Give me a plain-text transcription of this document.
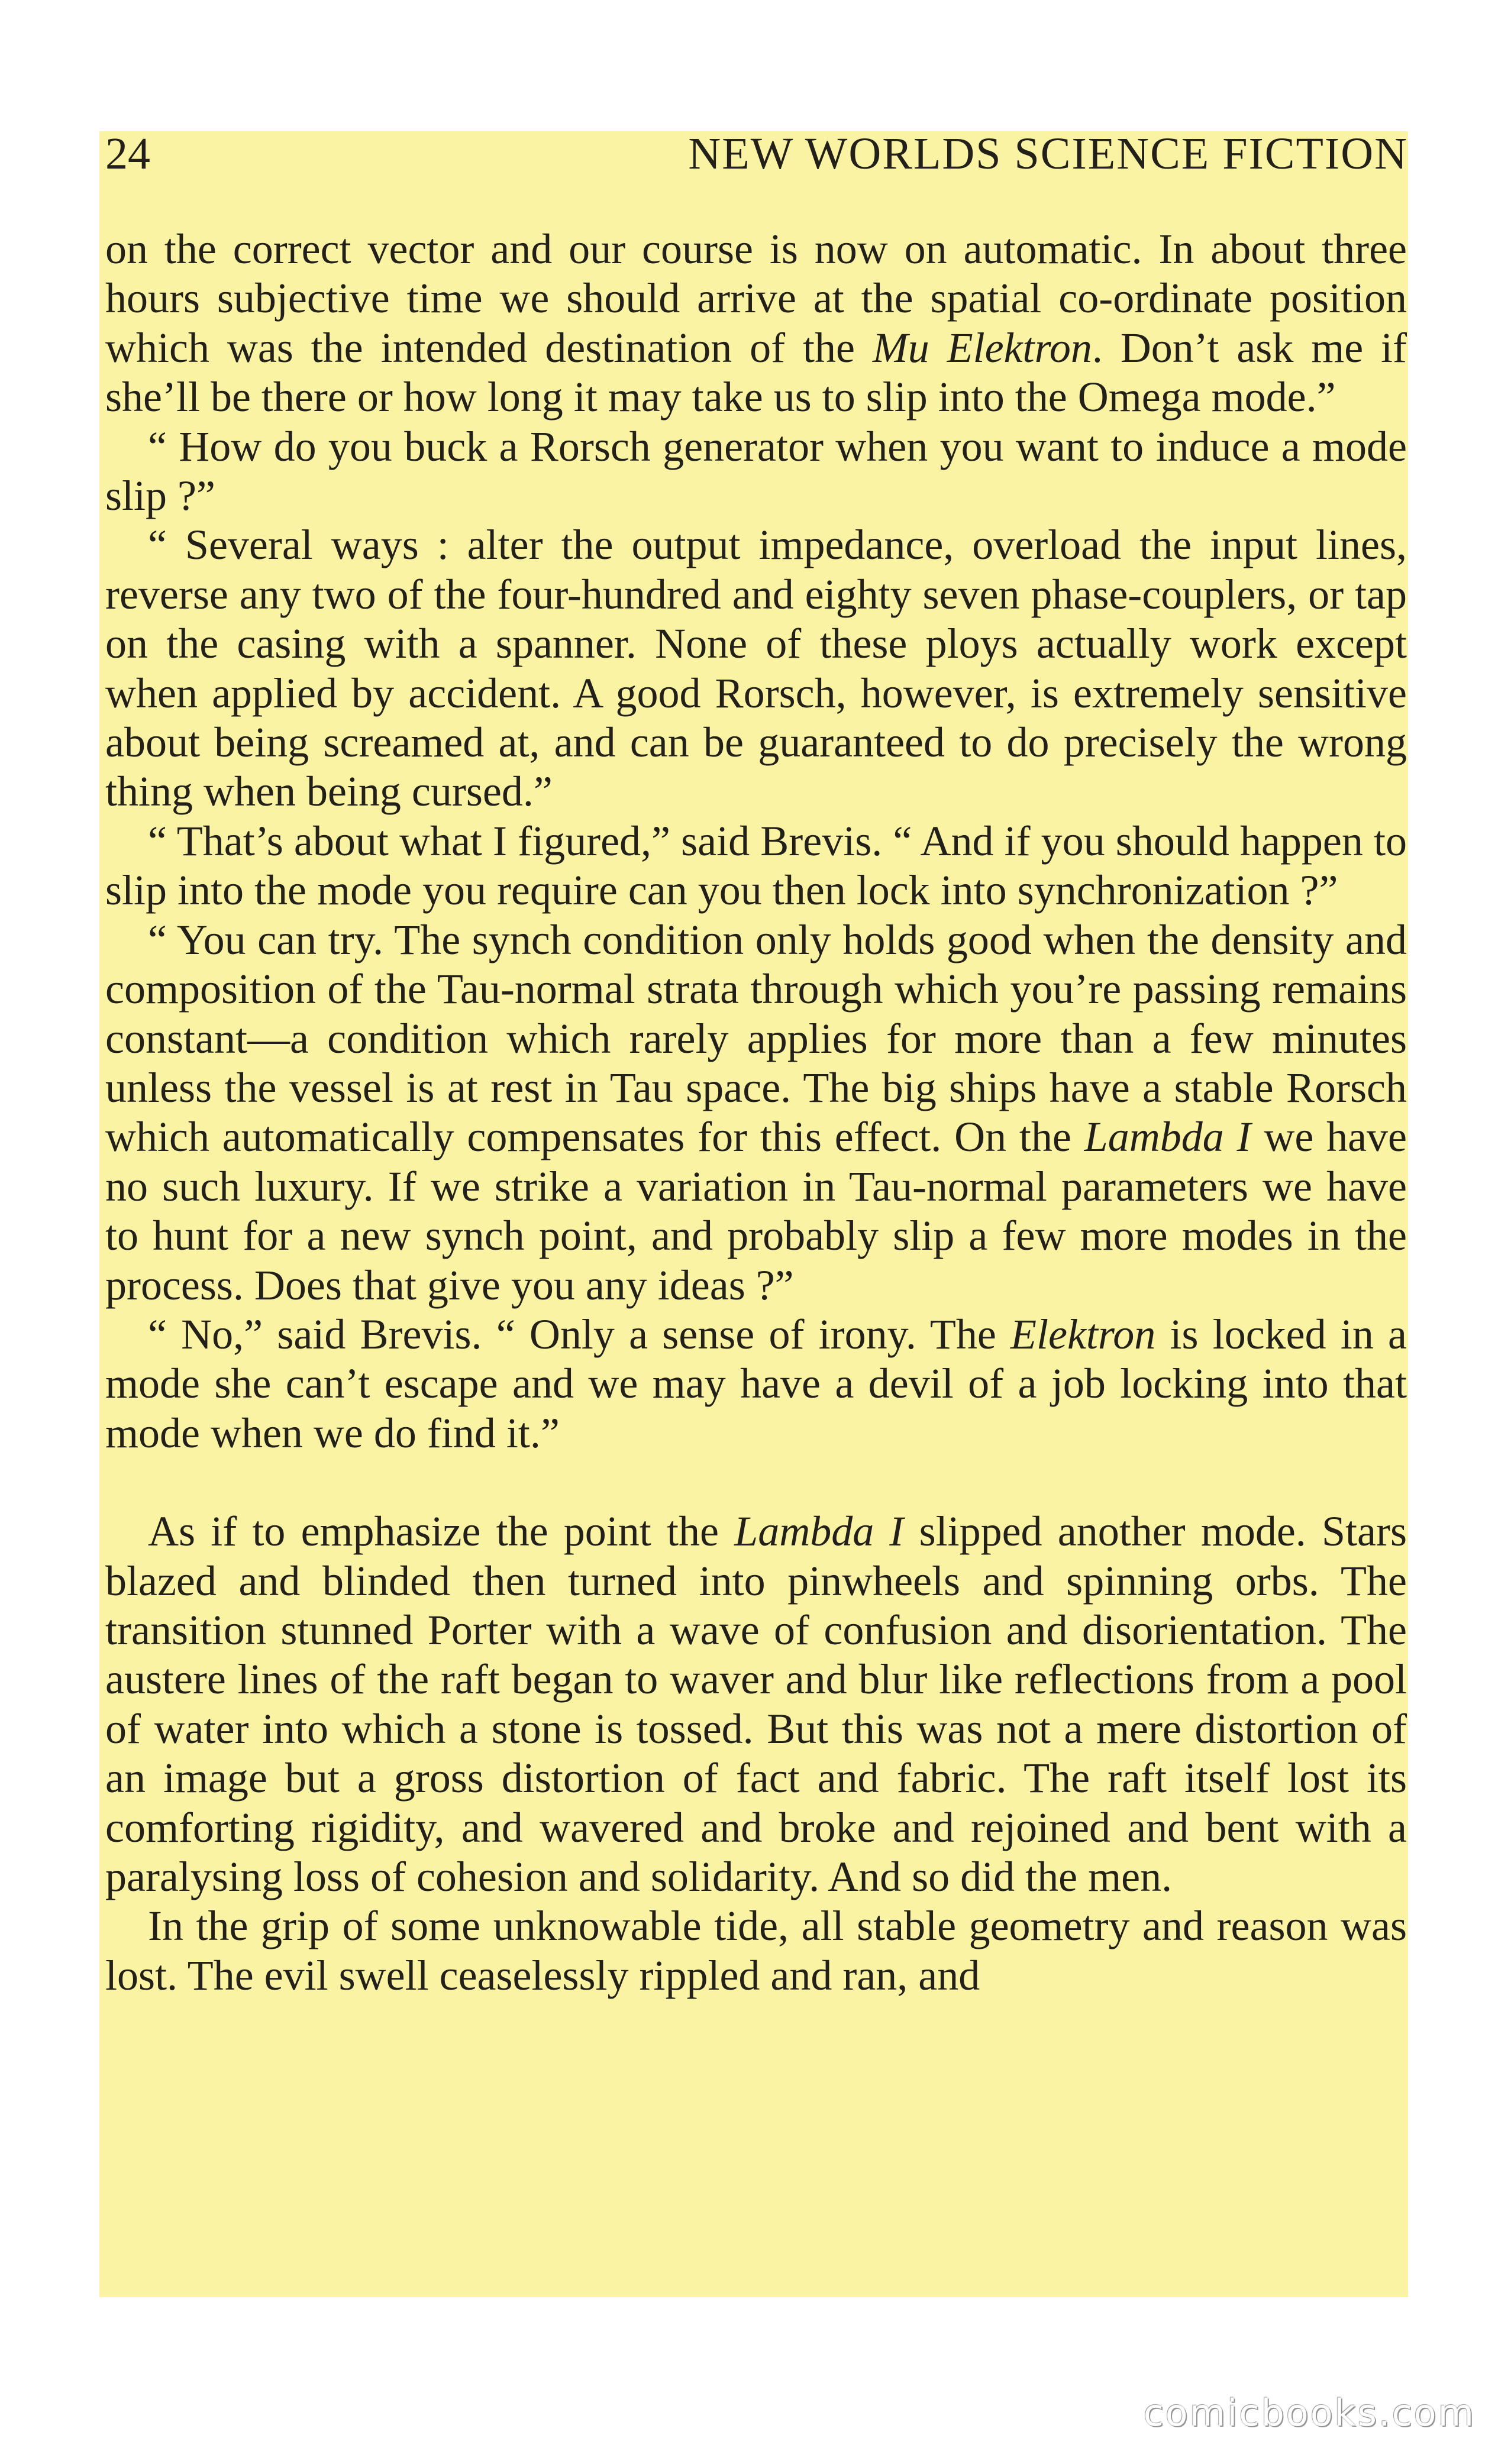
24	NEW WORLDS SCIENCE FICTION

on the correct vector and our course is now on automatic. In about three hours subjective time we should arrive at the spatial co-ordinate position which was the intended destination of the Mu Elektron. Don’t ask me if she’ll be there or how long it may take us to slip into the Omega mode.”

“ How do you buck a Rorsch generator when you want to induce a mode slip ?”

“ Several ways : alter the output impedance, overload the input lines, reverse any two of the four-hundred and eighty seven phase-couplers, or tap on the casing with a spanner. None of these ploys actually work except when applied by accident. A good Rorsch, however, is extremely sensitive about being screamed at, and can be guaranteed to do precisely the wrong thing when being cursed.”

“ That’s about what I figured,” said Brevis. “ And if you should happen to slip into the mode you require can you then lock into synchronization ?”

“ You can try. The synch condition only holds good when the density and composition of the Tau-normal strata through which you’re passing remains constant—a condition which rarely applies for more than a few minutes unless the vessel is at rest in Tau space. The big ships have a stable Rorsch which automatically compensates for this effect. On the Lambda I we have no such luxury. If we strike a variation in Tau-normal parameters we have to hunt for a new synch point, and probably slip a few more modes in the process. Does that give you any ideas ?”

“ No,” said Brevis. “ Only a sense of irony. The Elektron is locked in a mode she can’t escape and we may have a devil of a job locking into that mode when we do find it.”

As if to emphasize the point the Lambda I slipped another mode. Stars blazed and blinded then turned into pinwheels and spinning orbs. The transition stunned Porter with a wave of confusion and disorientation. The austere lines of the raft began to waver and blur like reflections from a pool of water into which a stone is tossed. But this was not a mere distortion of an image but a gross distortion of fact and fabric. The raft itself lost its comforting rigidity, and wavered and broke and rejoined and bent with a paralysing loss of cohesion and solidarity. And so did the men.

In the grip of some unknowable tide, all stable geometry and reason was lost. The evil swell ceaselessly rippled and ran, and

comicbooks.com
